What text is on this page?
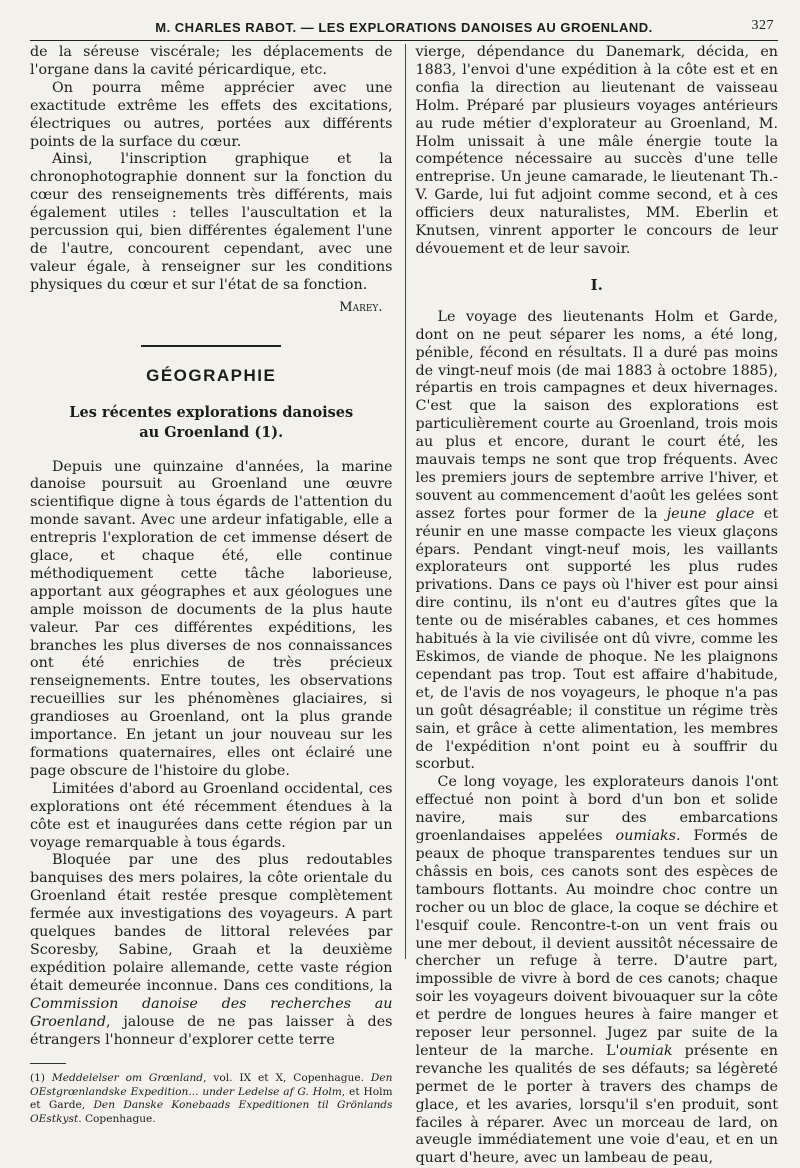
M. CHARLES RABOT. — LES EXPLORATIONS DANOISES AU GROENLAND.	327

de la séreuse viscérale; les déplacements de l'organe dans la cavité péricardique, etc.

On pourra même apprécier avec une exactitude extrême les effets des excitations, électriques ou autres, portées aux différents points de la surface du cœur.

Ainsi, l'inscription graphique et la chronophotographie donnent sur la fonction du cœur des renseignements très différents, mais également utiles : telles l'auscultation et la percussion qui, bien différentes également l'une de l'autre, concourent cependant, avec une valeur égale, à renseigner sur les conditions physiques du cœur et sur l'état de sa fonction.

Marey.
GÉOGRAPHIE
Les récentes explorations danoises
au Groenland (1).

Depuis une quinzaine d'années, la marine danoise poursuit au Groenland une œuvre scientifique digne à tous égards de l'attention du monde savant. Avec une ardeur infatigable, elle a entrepris l'exploration de cet immense désert de glace, et chaque été, elle continue méthodiquement cette tâche laborieuse, apportant aux géographes et aux géologues une ample moisson de documents de la plus haute valeur. Par ces différentes expéditions, les branches les plus diverses de nos connaissances ont été enrichies de très précieux renseignements. Entre toutes, les observations recueillies sur les phénomènes glaciaires, si grandioses au Groenland, ont la plus grande importance. En jetant un jour nouveau sur les formations quaternaires, elles ont éclairé une page obscure de l'histoire du globe.

Limitées d'abord au Groenland occidental, ces explorations ont été récemment étendues à la côte est et inaugurées dans cette région par un voyage remarquable à tous égards.

Bloquée par une des plus redoutables banquises des mers polaires, la côte orientale du Groenland était restée presque complètement fermée aux investigations des voyageurs. A part quelques bandes de littoral relevées par Scoresby, Sabine, Graah et la deuxième expédition polaire allemande, cette vaste région était demeurée inconnue. Dans ces conditions, la Commission danoise des recherches au Groenland, jalouse de ne pas laisser à des étrangers l'honneur d'explorer cette terre

(1) Meddelelser om Grœnland, vol. IX et X, Copenhague. Den OEstgrœnlandske Expedition... under Ledelse af G. Holm, et Holm et Garde, Den Danske Konebaads Expeditionen til Grönlands OEstkyst. Copenhague.

vierge, dépendance du Danemark, décida, en 1883, l'envoi d'une expédition à la côte est et en confia la direction au lieutenant de vaisseau Holm. Préparé par plusieurs voyages antérieurs au rude métier d'explorateur au Groenland, M. Holm unissait à une mâle énergie toute la compétence nécessaire au succès d'une telle entreprise. Un jeune camarade, le lieutenant Th.-V. Garde, lui fut adjoint comme second, et à ces officiers deux naturalistes, MM. Eberlin et Knutsen, vinrent apporter le concours de leur dévouement et de leur savoir.

I.

Le voyage des lieutenants Holm et Garde, dont on ne peut séparer les noms, a été long, pénible, fécond en résultats. Il a duré pas moins de vingt-neuf mois (de mai 1883 à octobre 1885), répartis en trois campagnes et deux hivernages. C'est que la saison des explorations est particulièrement courte au Groenland, trois mois au plus et encore, durant le court été, les mauvais temps ne sont que trop fréquents. Avec les premiers jours de septembre arrive l'hiver, et souvent au commencement d'août les gelées sont assez fortes pour former de la jeune glace et réunir en une masse compacte les vieux glaçons épars. Pendant vingt-neuf mois, les vaillants explorateurs ont supporté les plus rudes privations. Dans ce pays où l'hiver est pour ainsi dire continu, ils n'ont eu d'autres gîtes que la tente ou de misérables cabanes, et ces hommes habitués à la vie civilisée ont dû vivre, comme les Eskimos, de viande de phoque. Ne les plaignons cependant pas trop. Tout est affaire d'habitude, et, de l'avis de nos voyageurs, le phoque n'a pas un goût désagréable; il constitue un régime très sain, et grâce à cette alimentation, les membres de l'expédition n'ont point eu à souffrir du scorbut.

Ce long voyage, les explorateurs danois l'ont effectué non point à bord d'un bon et solide navire, mais sur des embarcations groenlandaises appelées oumiaks. Formés de peaux de phoque transparentes tendues sur un châssis en bois, ces canots sont des espèces de tambours flottants. Au moindre choc contre un rocher ou un bloc de glace, la coque se déchire et l'esquif coule. Rencontre-t-on un vent frais ou une mer debout, il devient aussitôt nécessaire de chercher un refuge à terre. D'autre part, impossible de vivre à bord de ces canots; chaque soir les voyageurs doivent bivouaquer sur la côte et perdre de longues heures à faire manger et reposer leur personnel. Jugez par suite de la lenteur de la marche. L'oumiak présente en revanche les qualités de ses défauts; sa légèreté permet de le porter à travers des champs de glace, et les avaries, lorsqu'il s'en produit, sont faciles à réparer. Avec un morceau de lard, on aveugle immédiatement une voie d'eau, et en un quart d'heure, avec un lambeau de peau,
